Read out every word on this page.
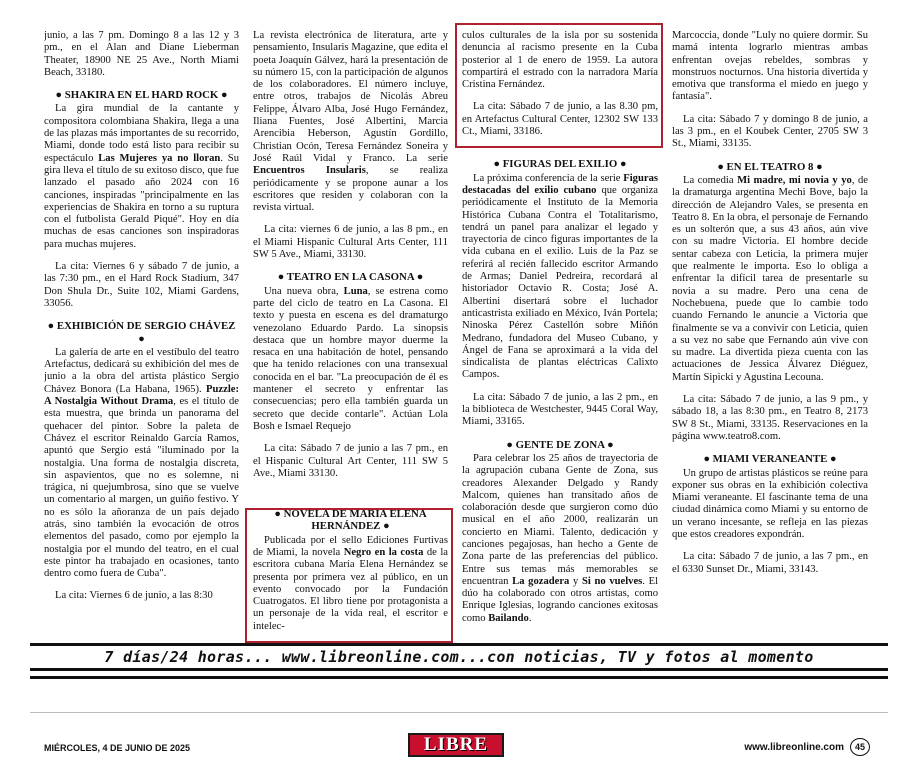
junio, a las 7 pm. Domingo 8 a las 12 y 3 pm., en el Alan and Diane Lieberman Theater, 18900 NE 25 Ave., North Miami Beach, 33180.

● SHAKIRA EN EL HARD ROCK ●

La gira mundial de la cantante y compositora colombiana Shakira, llega a una de las plazas más importantes de su recorrido, Miami, donde todo está listo para recibir su espectáculo Las Mujeres ya no lloran. Su gira lleva el título de su exitoso disco, que fue lanzado el pasado año 2024 con 16 canciones, inspiradas "principalmente en las experiencias de Shakira en torno a su ruptura con el futbolista Gerald Piqué". Hoy en día muchas de esas canciones son inspiradoras para muchas mujeres.

La cita: Viernes 6 y sábado 7 de junio, a las 7:30 pm., en el Hard Rock Stadium, 347 Don Shula Dr., Suite 102, Miami Gardens, 33056.

● EXHIBICIÓN DE SERGIO CHÁVEZ ●

La galería de arte en el vestíbulo del teatro Artefactus, dedicará su exhibición del mes de junio a la obra del artista plástico Sergio Chávez Bonora (La Habana, 1965). Puzzle: A Nostalgia Without Drama, es el título de esta muestra, que brinda un panorama del quehacer del pintor. Sobre la paleta de Chávez el escritor Reinaldo García Ramos, apuntó que Sergio está "iluminado por la nostalgia. Una forma de nostalgia discreta, sin aspavientos, que no es solemne, ni trágica, ni quejumbrosa, sino que se vuelve un comentario al margen, un guiño festivo. Y no es sólo la añoranza de un país dejado atrás, sino también la evocación de otros elementos del pasado, como por ejemplo la nostalgia por el mundo del teatro, en el cual este pintor ha trabajado en ocasiones, tanto dentro como fuera de Cuba".

La cita: Viernes 6 de junio, a las 8:30

La revista electrónica de literatura, arte y pensamiento, Insularis Magazine, que edita el poeta Joaquín Gálvez, hará la presentación de su número 15, con la participación de algunos de los colaboradores. El número incluye, entre otros, trabajos de Nicolás Abreu Felippe, Álvaro Alba, José Hugo Fernández, Iliana Fuentes, José Albertini, Marcia Arencibia Heberson, Agustín Gordillo, Christian Ocón, Teresa Fernández Soneira y José Raúl Vidal y Franco. La serie Encuentros Insularis, se realiza periódicamente y se propone aunar a los escritores que residen y colaboran con la revista virtual.

La cita: viernes 6 de junio, a las 8 pm., en el Miami Hispanic Cultural Arts Center, 111 SW 5 Ave., Miami, 33130.

● TEATRO EN LA CASONA ●

Una nueva obra, Luna, se estrena como parte del ciclo de teatro en La Casona. El texto y puesta en escena es del dramaturgo venezolano Eduardo Pardo. La sinopsis destaca que un hombre mayor duerme la resaca en una habitación de hotel, pensando que ha tenido relaciones con una transexual conocida en el bar. "La preocupación de él es mantener el secreto y enfrentar las consecuencias; pero ella también guarda un secreto que decide contarle". Actúan Lola Bosh e Ismael Requejo

La cita: Sábado 7 de junio a las 7 pm., en el Hispanic Cultural Art Center, 111 SW 5 Ave., Miami 33130.

● NOVELA DE MARÍA ELENA HERNÁNDEZ ●

Publicada por el sello Ediciones Furtivas de Miami, la novela Negro en la costa de la escritora cubana María Elena Hernández se presenta por primera vez al público, en un evento convocado por la Fundación Cuatrogatos. El libro tiene por protagonista a un personaje de la vida real, el escritor e intelec-

culos culturales de la isla por su sostenida denuncia al racismo presente en la Cuba posterior al 1 de enero de 1959. La autora compartirá el estrado con la narradora María Cristina Fernández.

La cita: Sábado 7 de junio, a las 8.30 pm, en Artefactus Cultural Center, 12302 SW 133 Ct., Miami, 33186.

● FIGURAS DEL EXILIO ●

La próxima conferencia de la serie Figuras destacadas del exilio cubano que organiza periódicamente el Instituto de la Memoria Histórica Cubana Contra el Totalitarismo, tendrá un panel para analizar el legado y trayectoria de cinco figuras importantes de la vida cubana en el exilio. Luis de la Paz se referirá al recién fallecido escritor Armando de Armas; Daniel Pedreira, recordará al historiador Octavio R. Costa; José A. Albertini disertará sobre el luchador anticastrista exiliado en México, Iván Portela; Ninoska Pérez Castellón sobre Miñón Medrano, fundadora del Museo Cubano, y Ángel de Fana se aproximará a la vida del sindicalista de plantas eléctricas Calixto Campos.

La cita: Sábado 7 de junio, a las 2 pm., en la biblioteca de Westchester, 9445 Coral Way, Miami, 33165.

● GENTE DE ZONA ●

Para celebrar los 25 años de trayectoria de la agrupación cubana Gente de Zona, sus creadores Alexander Delgado y Randy Malcom, quienes han transitado años de colaboración desde que surgieron como dúo musical en el año 2000, realizarán un concierto en Miami. Talento, dedicación y canciones pegajosas, han hecho a Gente de Zona parte de las preferencias del público. Entre sus temas más memorables se encuentran La gozadera y Si no vuelves. El dúo ha colaborado con otros artistas, como Enrique Iglesias, logrando canciones exitosas como Bailando.

Marcoccia, donde "Luly no quiere dormir. Su mamá intenta lograrlo mientras ambas enfrentan ovejas rebeldes, sombras y monstruos nocturnos. Una historia divertida y emotiva que transforma el miedo en juego y fantasía".

La cita: Sábado 7 y domingo 8 de junio, a las 3 pm., en el Koubek Center, 2705 SW 3 St., Miami, 33135.

● EN EL TEATRO 8 ●

La comedia Mi madre, mi novia y yo, de la dramaturga argentina Mechi Bove, bajo la dirección de Alejandro Vales, se presenta en Teatro 8. En la obra, el personaje de Fernando es un solterón que, a sus 43 años, aún vive con su madre Victoria. El hombre decide sentar cabeza con Leticia, la primera mujer que realmente le importa. Eso lo obliga a enfrentar la difícil tarea de presentarle su novia a su madre. Pero una cena de Nochebuena, puede que lo cambie todo cuando Fernando le anuncie a Victoria que finalmente se va a convivir con Leticia, quien a su vez no sabe que Fernando aún vive con su madre. La divertida pieza cuenta con las actuaciones de Jessica Álvarez Diéguez, Martín Sipicki y Agustina Lecouna.

La cita: Sábado 7 de junio, a las 9 pm., y sábado 18, a las 8:30 pm., en Teatro 8, 2173 SW 8 St., Miami, 33135. Reservaciones en la página www.teatro8.com.

● MIAMI VERANEANTE ●

Un grupo de artistas plásticos se reúne para exponer sus obras en la exhibición colectiva Miami veraneante. El fascinante tema de una ciudad dinámica como Miami y su entorno de un verano incesante, se refleja en las piezas que estos creadores expondrán.

La cita: Sábado 7 de junio, a las 7 pm., en el 6330 Sunset Dr., Miami, 33143.

7 días/24 horas... www.libreonline.com...con noticias, TV y fotos al momento
MIÉRCOLES, 4 DE JUNIO DE 2025	LIBRE	www.libreonline.com	45
